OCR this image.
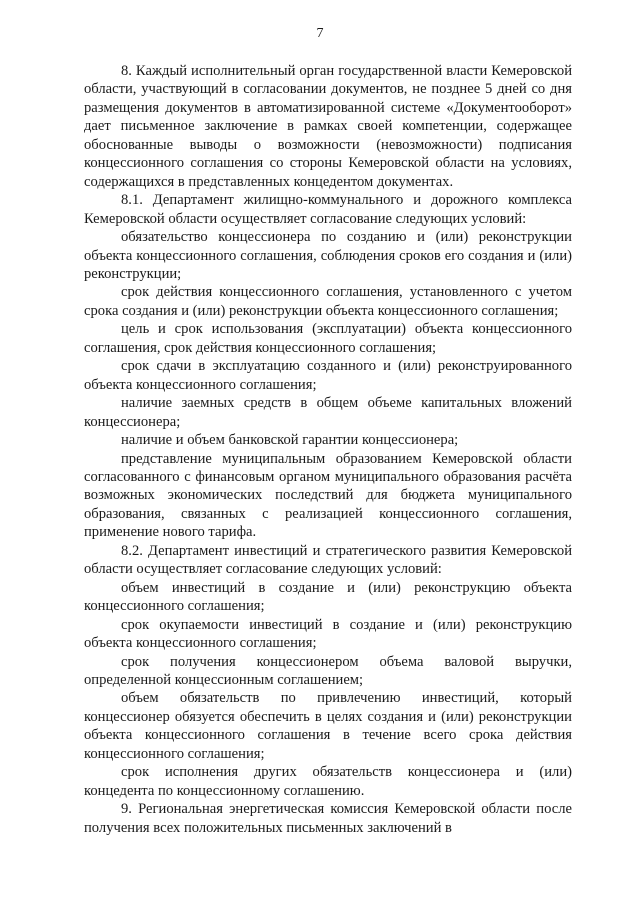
7

8. Каждый исполнительный орган государственной власти Кемеровской области, участвующий в согласовании документов, не позднее 5 дней со дня размещения документов в автоматизированной системе «Документооборот» дает письменное заключение в рамках своей компетенции, содержащее обоснованные выводы о возможности (невозможности) подписания концессионного соглашения со стороны Кемеровской области на условиях, содержащихся в представленных концедентом документах.

8.1. Департамент жилищно-коммунального и дорожного комплекса Кемеровской области осуществляет согласование следующих условий:

обязательство концессионера по созданию и (или) реконструкции объекта концессионного соглашения, соблюдения сроков его создания и (или) реконструкции;

срок действия концессионного соглашения, установленного с учетом срока создания и (или) реконструкции объекта концессионного соглашения;

цель и срок использования (эксплуатации) объекта концессионного соглашения, срок действия концессионного соглашения;

срок сдачи в эксплуатацию созданного и (или) реконструированного объекта концессионного соглашения;

наличие заемных средств в общем объеме капитальных вложений концессионера;

наличие и объем банковской гарантии концессионера;

представление муниципальным образованием Кемеровской области согласованного с финансовым органом муниципального образования расчёта возможных экономических последствий для бюджета муниципального образования, связанных с реализацией концессионного соглашения, применение нового тарифа.

8.2. Департамент инвестиций и стратегического развития Кемеровской области осуществляет согласование следующих условий:

объем инвестиций в создание и (или) реконструкцию объекта концессионного соглашения;

срок окупаемости инвестиций в создание и (или) реконструкцию объекта концессионного соглашения;

срок получения концессионером объема валовой выручки, определенной концессионным соглашением;

объем обязательств по привлечению инвестиций, который концессионер обязуется обеспечить в целях создания и (или) реконструкции объекта концессионного соглашения в течение всего срока действия концессионного соглашения;

срок исполнения других обязательств концессионера и (или) концедента по концессионному соглашению.

9. Региональная энергетическая комиссия Кемеровской области после получения всех положительных письменных заключений в
